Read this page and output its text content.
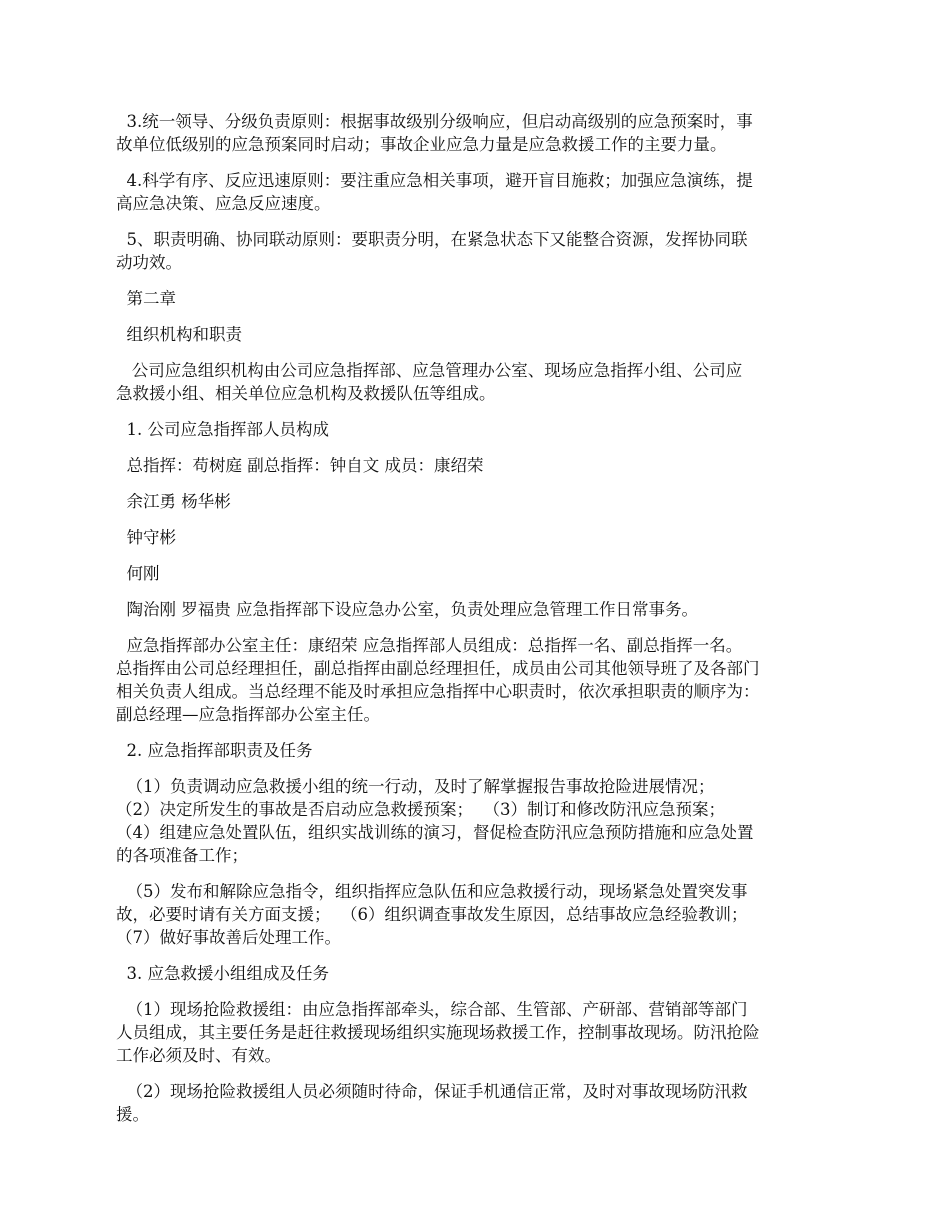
3.统一领导、分级负责原则：根据事故级别分级响应，但启动高级别的应急预案时，事
故单位低级别的应急预案同时启动；事故企业应急力量是应急救援工作的主要力量。

4.科学有序、反应迅速原则：要注重应急相关事项，避开盲目施救；加强应急演练，提
高应急决策、应急反应速度。

5、职责明确、协同联动原则：要职责分明，在紧急状态下又能整合资源，发挥协同联
动功效。

第二章

组织机构和职责

公司应急组织机构由公司应急指挥部、应急管理办公室、现场应急指挥小组、公司应
急救援小组、相关单位应急机构及救援队伍等组成。

1. 公司应急指挥部人员构成

总指挥：苟树庭 副总指挥：钟自文 成员：康绍荣

余江勇 杨华彬

钟守彬

何刚

陶治刚 罗福贵 应急指挥部下设应急办公室，负责处理应急管理工作日常事务。

应急指挥部办公室主任：康绍荣 应急指挥部人员组成：总指挥一名、副总指挥一名。
总指挥由公司总经理担任，副总指挥由副总经理担任，成员由公司其他领导班了及各部门
相关负责人组成。当总经理不能及时承担应急指挥中心职责时，依次承担职责的顺序为：
副总经理—应急指挥部办公室主任。

2. 应急指挥部职责及任务

（1）负责调动应急救援小组的统一行动，及时了解掌握报告事故抢险进展情况；
（2）决定所发生的事故是否启动应急救援预案；  （3）制订和修改防汛应急预案；
（4）组建应急处置队伍，组织实战训练的演习，督促检查防汛应急预防措施和应急处置
的各项准备工作；

（5）发布和解除应急指令，组织指挥应急队伍和应急救援行动，现场紧急处置突发事
故，必要时请有关方面支援；  （6）组织调查事故发生原因，总结事故应急经验教训；
（7）做好事故善后处理工作。

3. 应急救援小组组成及任务

（1）现场抢险救援组：由应急指挥部牵头，综合部、生管部、产研部、营销部等部门
人员组成，其主要任务是赶往救援现场组织实施现场救援工作，控制事故现场。防汛抢险
工作必须及时、有效。

（2）现场抢险救援组人员必须随时待命，保证手机通信正常，及时对事故现场防汛救
援。
